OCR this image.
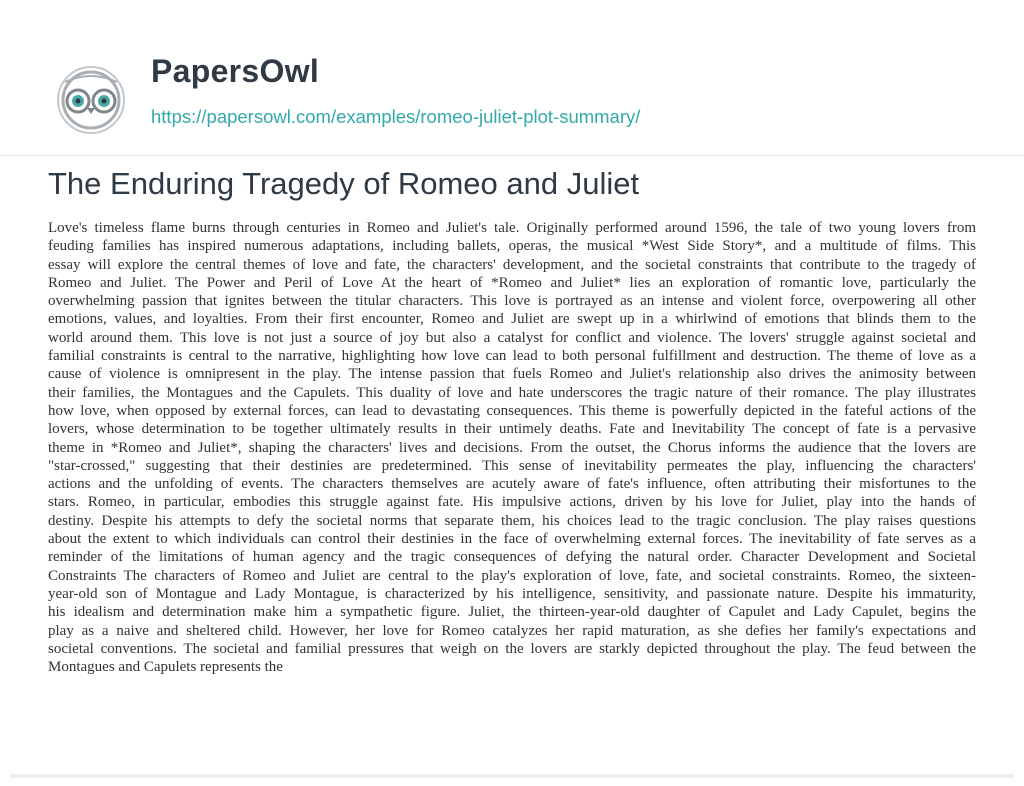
PapersOwl
https://papersowl.com/examples/romeo-juliet-plot-summary/
The Enduring Tragedy of Romeo and Juliet
Love's timeless flame burns through centuries in Romeo and Juliet's tale. Originally performed around 1596, the tale of two young lovers from
feuding families has inspired numerous adaptations, including ballets, operas, the musical *West Side Story*, and a multitude of films. This
essay will explore the central themes of love and fate, the characters' development, and the societal constraints that contribute to the tragedy of
Romeo and Juliet. The Power and Peril of Love At the heart of *Romeo and Juliet* lies an exploration of romantic love, particularly the
overwhelming passion that ignites between the titular characters. This love is portrayed as an intense and violent force, overpowering all other
emotions, values, and loyalties. From their first encounter, Romeo and Juliet are swept up in a whirlwind of emotions that blinds them to the
world around them. This love is not just a source of joy but also a catalyst for conflict and violence. The lovers' struggle against societal and
familial constraints is central to the narrative, highlighting how love can lead to both personal fulfillment and destruction. The theme of love as a
cause of violence is omnipresent in the play. The intense passion that fuels Romeo and Juliet's relationship also drives the animosity between
their families, the Montagues and the Capulets. This duality of love and hate underscores the tragic nature of their romance. The play illustrates
how love, when opposed by external forces, can lead to devastating consequences. This theme is powerfully depicted in the fateful actions of the
lovers, whose determination to be together ultimately results in their untimely deaths. Fate and Inevitability The concept of fate is a pervasive
theme in *Romeo and Juliet*, shaping the characters' lives and decisions. From the outset, the Chorus informs the audience that the lovers are
"star-crossed," suggesting that their destinies are predetermined. This sense of inevitability permeates the play, influencing the characters'
actions and the unfolding of events. The characters themselves are acutely aware of fate's influence, often attributing their misfortunes to the
stars. Romeo, in particular, embodies this struggle against fate. His impulsive actions, driven by his love for Juliet, play into the hands of
destiny. Despite his attempts to defy the societal norms that separate them, his choices lead to the tragic conclusion. The play raises questions
about the extent to which individuals can control their destinies in the face of overwhelming external forces. The inevitability of fate serves as a
reminder of the limitations of human agency and the tragic consequences of defying the natural order. Character Development and Societal
Constraints The characters of Romeo and Juliet are central to the play's exploration of love, fate, and societal constraints. Romeo, the sixteen-
year-old son of Montague and Lady Montague, is characterized by his intelligence, sensitivity, and passionate nature. Despite his immaturity,
his idealism and determination make him a sympathetic figure. Juliet, the thirteen-year-old daughter of Capulet and Lady Capulet, begins the
play as a naive and sheltered child. However, her love for Romeo catalyzes her rapid maturation, as she defies her family's expectations and
societal conventions. The societal and familial pressures that weigh on the lovers are starkly depicted throughout the play. The feud between the
Montagues and Capulets represents the
